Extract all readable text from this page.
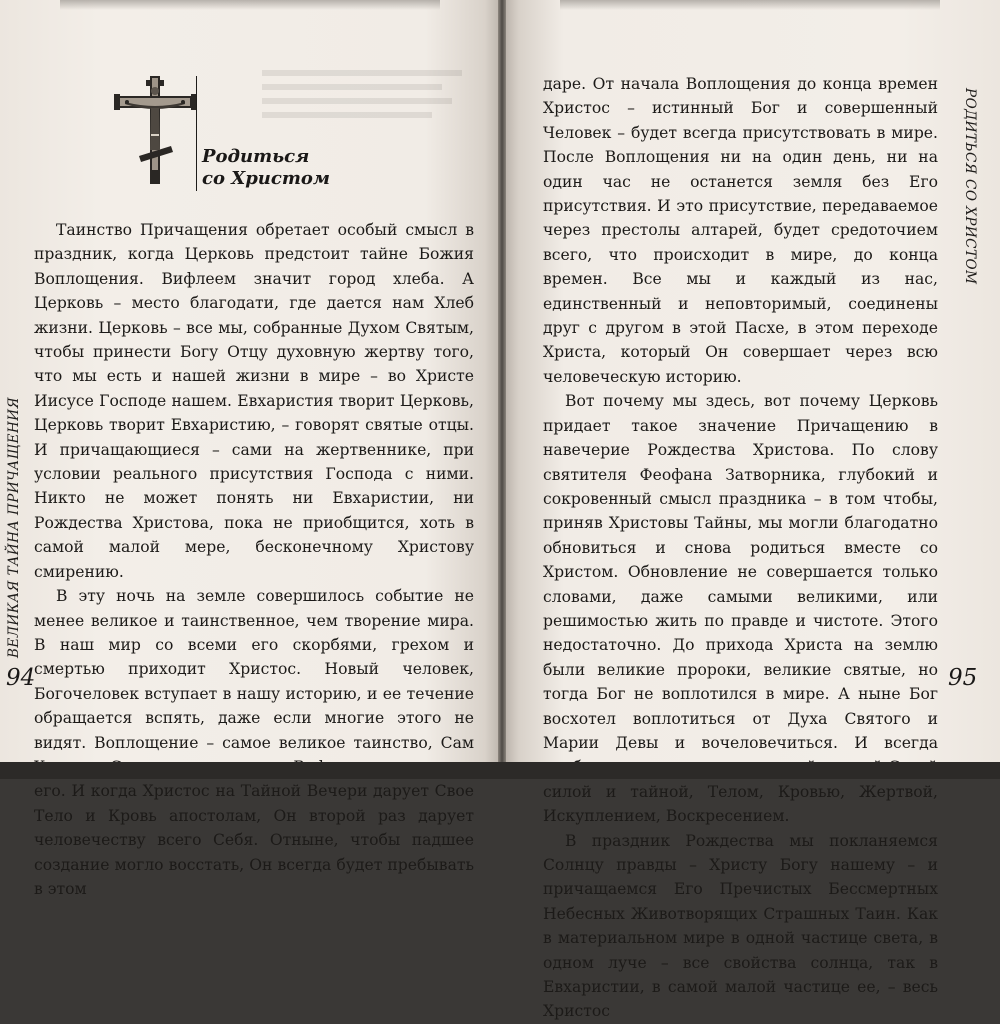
ВЕЛИКАЯ ТАЙНА ПРИЧАЩЕНИЯ
Родиться
со Христом

Таинство Причащения обретает особый смысл в праздник, когда Церковь предстоит тайне Божия Воплощения. Вифлеем значит город хлеба. А Церковь – место благодати, где дается нам Хлеб жизни. Церковь – все мы, собранные Духом Святым, чтобы принести Богу Отцу духовную жертву того, что мы есть и нашей жизни в мире – во Христе Иисусе Господе нашем. Евхаристия творит Церковь, Церковь творит Евхаристию, – говорят святые отцы. И причащающиеся – сами на жертвеннике, при условии реального присутствия Господа с ними. Никто не может понять ни Евхаристии, ни Рождества Христова, пока не приобщится, хоть в самой малой мере, бесконечному Христову смирению.

В эту ночь на земле совершилось событие не менее великое и таинственное, чем творение мира. В наш мир со всеми его скорбями, грехом и смертью приходит Христос. Новый человек, Богочеловек вступает в нашу историю, и ее течение обращается вспять, даже если многие этого не видят. Воплощение – самое великое таинство, Сам его. И когда Христос на Тайной Вечери дарует Свое Тело и Кровь апостолам, Он второй раз дарует человечеству всего Себя. Отныне, чтобы падшее создание могло восстать, Он всегда будет пребывать в этом

94

даре. От начала Воплощения до конца времен Христос – истинный Бог и совершенный Человек – будет всегда присутствовать в мире. После Воплощения ни на один день, ни на один час не останется земля без Его присутствия. И это присутствие, передаваемое через престолы алтарей, будет средоточием всего, что происходит в мире, до конца времен. Все мы и каждый из нас, единственный и неповторимый, соединены друг с другом в этой Пасхе, в этом переходе Христа, который Он совершает через всю человеческую историю.

Вот почему мы здесь, вот почему Церковь придает такое значение Причащению в навечерие Рождества Христова. По слову святителя Феофана Затворника, глубокий и сокровенный смысл праздника – в том чтобы, приняв Христовы Тайны, мы могли благодатно обновиться и снова родиться вместе со Христом. Обновление не совершается только словами, даже самыми великими, или решимостью жить по правде и чистоте. Этого недостаточно. До прихода Христа на землю были великие пророки, великие святые, но тогда Бог не воплотился в мире. А ныне Бог восхотел воплотиться от Духа Святого и Марии Девы и вочеловечиться. И всегда силой и тайной, Телом, Кровью, Жертвой, Искуплением, Воскресением.

В праздник Рождества мы покланяемся Солнцу правды – Христу Богу нашему – и причащаемся Его Пречистых Бессмертных Небесных Животворящих Страшных Таин. Как в материальном мире в одной частице света, в одном луче – все свойства солнца, так в Евхаристии, в самой малой частице ее, – весь Христос

РОДИТЬСЯ СО ХРИСТОМ
95
